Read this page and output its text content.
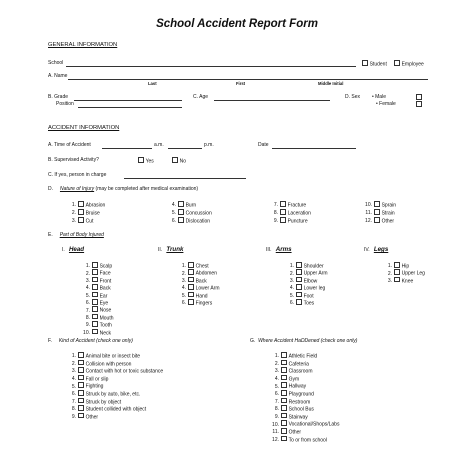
School Accident Report Form
GENERAL INFORMATION
School	Student	Employee
A. Name
Last	First	Middle Initial
B. Grade
Position
C. Age	D. Sex • Male
• Female
ACCIDENT INFORMATION
A. Time of Accident	a.m.	p.m.	Date
B. Supervised Activity?	Yes	No
C. If yes, person in charge
D. Nature of Injury (may be completed after medical examination)
1. Abrasion
2. Bruise
3. Cut
4. Burn
5. Concussion
6. Dislocation
7. Fracture
8. Laceration
9. Puncture
10. Sprain
11. Strain
12. Other
E. Part of Body Injured
I.   Head
1. Scalp
2. Face
3. Front
4. Back
5. Ear
6. Eye
7. Nose
8. Mouth
9. Tooth
10. Neck
II.   Trunk
1. Chest
2. Abdomen
3. Back
4. Lower Arm
5. Hand
6. Fingers
III.   Arms
1. Shoulder
2. Upper Arm
3. Elbow
4. Lower leg
5. Foot
6. Toes
IV.   Legs
1. Hip
2. Upper Leg
3. Knee
F. Kind of Accident (check one only)
1. Animal bite or insect bite
2. Collision with person
3. Contact with hot or toxic substance
4. Fall or slip
5. Fighting
6. Struck by auto, bike, etc.
7. Struck by object
8. Student collided with object
9. Other
G. Where Accident HaDDened (check one only)
1. Athletic Field
2. Cafeteria
3. Classroom
4. Gym
5. Hallway
6. Playground
7. Restroom
8. School Bus
9. Stairway
10. Vocational/Shops/Labs
11. Other
12. To or from school
